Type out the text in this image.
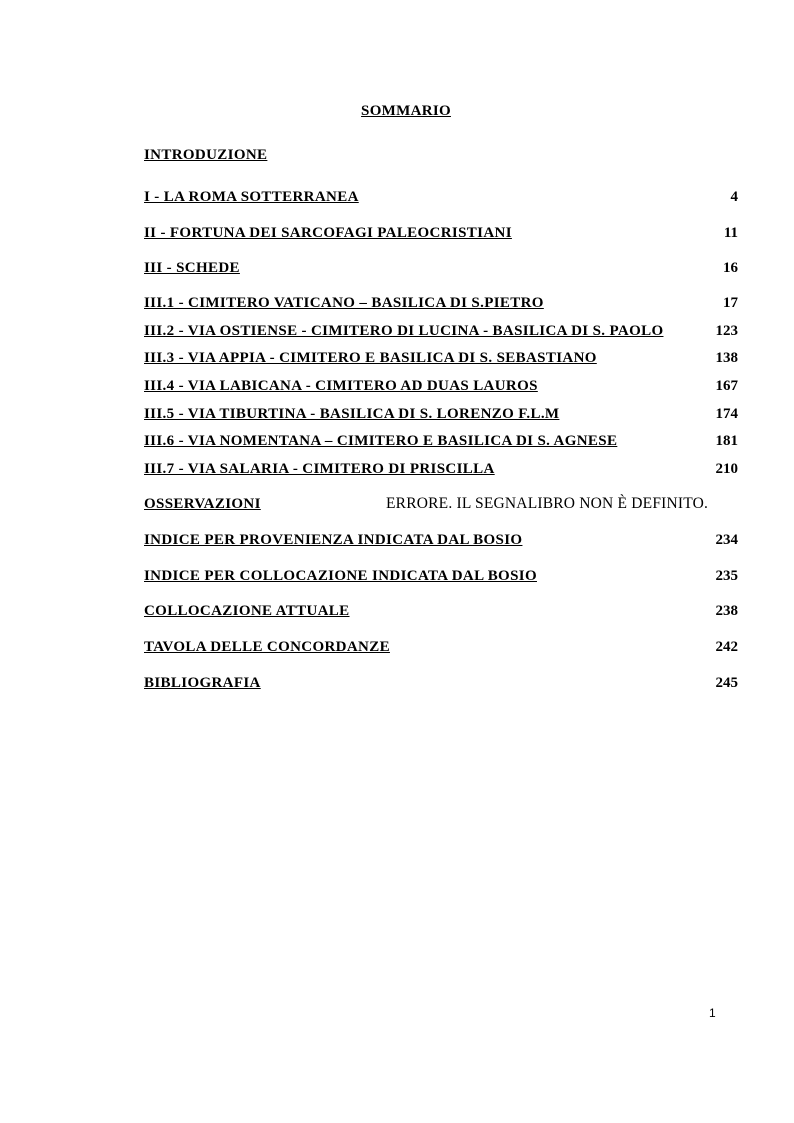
SOMMARIO
INTRODUZIONE
I - LA ROMA SOTTERRANEA	4
II - FORTUNA DEI SARCOFAGI PALEOCRISTIANI	11
III - SCHEDE	16
III.1 - CIMITERO VATICANO – BASILICA DI S.PIETRO	17
III.2 - VIA OSTIENSE - CIMITERO DI LUCINA - BASILICA DI S. PAOLO	123
III.3 - VIA APPIA - CIMITERO E BASILICA DI S. SEBASTIANO	138
III.4 - VIA LABICANA - CIMITERO AD DUAS LAUROS	167
III.5 - VIA TIBURTINA - BASILICA DI S. LORENZO F.L.M	174
III.6 - VIA NOMENTANA – CIMITERO E BASILICA DI S. AGNESE	181
III.7 - VIA SALARIA - CIMITERO DI PRISCILLA	210
OSSERVAZIONI	ERRORE. IL SEGNALIBRO NON È DEFINITO.
INDICE PER PROVENIENZA INDICATA DAL BOSIO	234
INDICE PER COLLOCAZIONE INDICATA DAL BOSIO	235
COLLOCAZIONE ATTUALE	238
TAVOLA DELLE CONCORDANZE	242
BIBLIOGRAFIA	245
1
